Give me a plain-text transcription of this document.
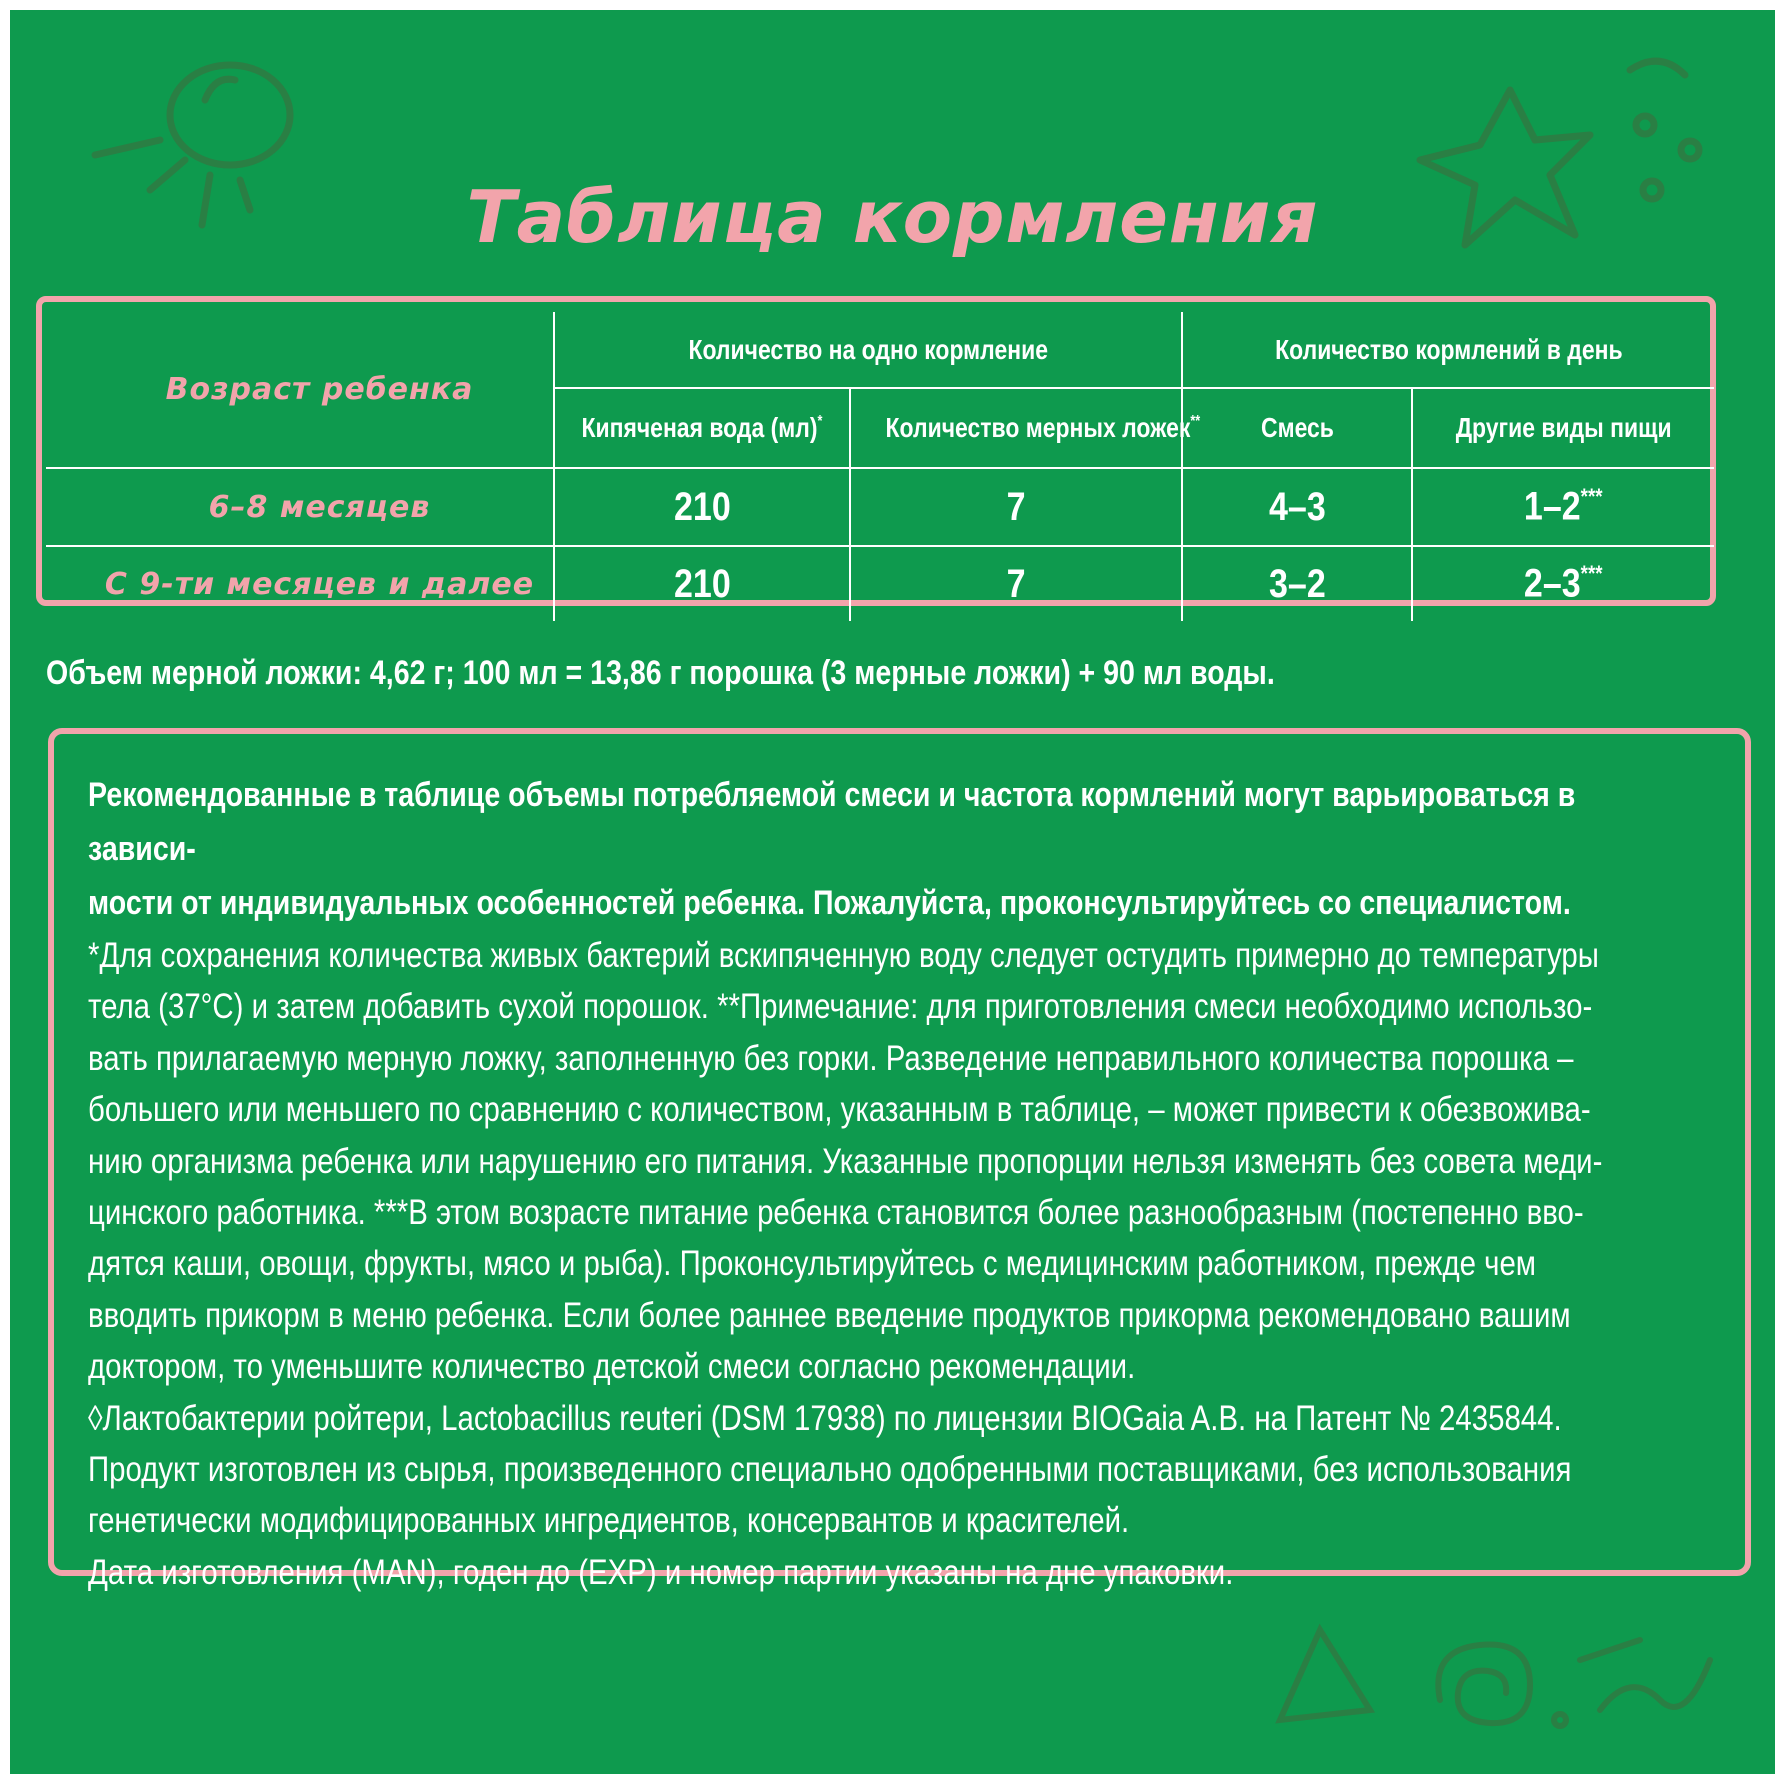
Таблица кормления
Возраст ребенка	Количество на одно кормление		Количество кормлений в день	
	Кипяченая вода (мл)*	Количество мерных ложек**	Смесь	Другие виды пищи
6–8 месяцев	210	7	4–3	1–2***
С 9-ти месяцев и далее	210	7	3–2	2–3***
Объем мерной ложки: 4,62 г; 100 мл = 13,86 г порошка (3 мерные ложки) + 90 мл воды.
Рекомендованные в таблице объемы потребляемой смеси и частота кормлений могут варьироваться в зависи-
мости от индивидуальных особенностей ребенка. Пожалуйста, проконсультируйтесь со специалистом.
*Для сохранения количества живых бактерий вскипяченную воду следует остудить примерно до температуры
тела (37°С) и затем добавить сухой порошок. **Примечание: для приготовления смеси необходимо использо-
вать прилагаемую мерную ложку, заполненную без горки. Разведение неправильного количества порошка –
большего или меньшего по сравнению с количеством, указанным в таблице, – может привести к обезвожива-
нию организма ребенка или нарушению его питания. Указанные пропорции нельзя изменять без совета меди-
цинского работника. ***В этом возрасте питание ребенка становится более разнообразным (постепенно вво-
дятся каши, овощи, фрукты, мясо и рыба). Проконсультируйтесь с медицинским работником, прежде чем
вводить прикорм в меню ребенка. Если более раннее введение продуктов прикорма рекомендовано вашим
доктором, то уменьшите количество детской смеси согласно рекомендации.
◊Лактобактерии ройтери, Lactobacillus reuteri (DSM 17938) по лицензии BIOGaia A.B. на Патент № 2435844.
Продукт изготовлен из сырья, произведенного специально одобренными поставщиками, без использования
генетически модифицированных ингредиентов, консервантов и красителей.
Дата изготовления (MAN), годен до (EXP) и номер партии указаны на дне упаковки.
